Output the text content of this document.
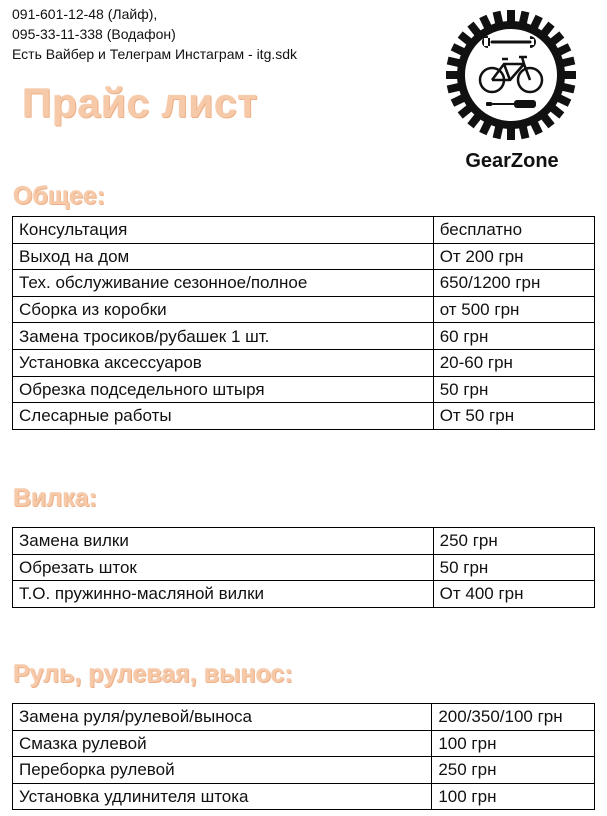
091-601-12-48 (Лайф),
095-33-11-338 (Водафон)
Есть Вайбер и Телеграм Инстаграм - itg.sdk
Прайс лист
GearZone
Общее:
Консультация	бесплатно
Выход на дом	От 200 грн
Тех. обслуживание сезонное/полное	650/1200 грн
Сборка из коробки	от 500 грн
Замена тросиков/рубашек 1 шт.	60 грн
Установка аксессуаров	20-60 грн
Обрезка подседельного штыря	50 грн
Слесарные работы	От 50 грн
Вилка:
Замена вилки	250 грн
Обрезать шток	50 грн
Т.О. пружинно-масляной вилки	От 400 грн
Руль, рулевая, вынос:
Замена руля/рулевой/выноса	200/350/100 грн
Смазка рулевой	100 грн
Переборка рулевой	250 грн
Установка удлинителя штока	100 грн
